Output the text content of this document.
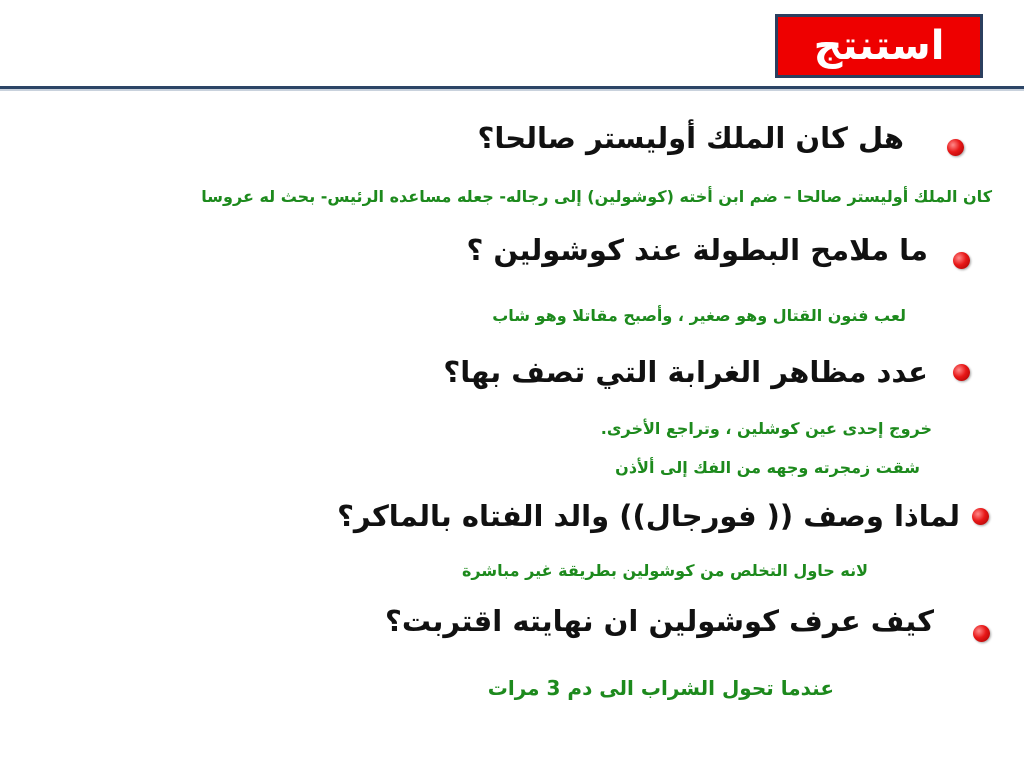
استنتج
هل كان الملك أوليستر صالحا؟
كان الملك أوليستر صالحا – ضم ابن أخته (كوشولين) إلى رجاله- جعله مساعده الرئيس- بحث له عروسا
ما ملامح البطولة عند كوشولين ؟
لعب فنون القتال وهو صغير ، وأصبح مقاتلا وهو شاب
عدد مظاهر الغرابة التي تصف بها؟
خروج إحدى عين كوشلين ، وتراجع الأخرى.
شقت زمجرته وجهه من الفك إلى ألأذن
لماذا وصف (( فورجال)) والد الفتاه بالماكر؟
لانه حاول التخلص من كوشولين بطريقة غير مباشرة
كيف عرف كوشولين ان نهايته اقتربت؟
عندما تحول الشراب الى دم 3 مرات
